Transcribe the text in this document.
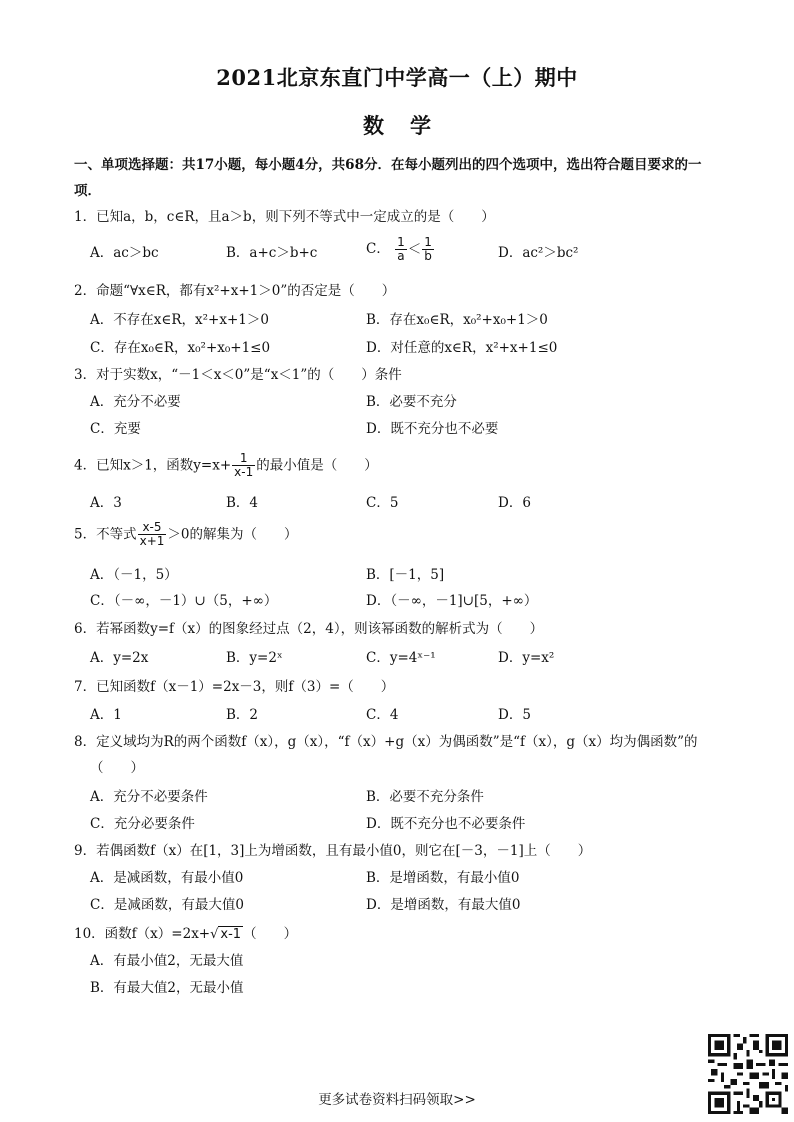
2021北京东直门中学高一（上）期中
数学
一、单项选择题：共17小题，每小题4分，共68分．在每小题列出的四个选项中，选出符合题目要求的一项．
1．已知a，b，c∈R，且a＞b，则下列不等式中一定成立的是（　　）
A．ac＞bc	B．a+c＞b+c	C． $\frac{1}{a} < \frac{1}{b}$	D．ac²＞bc²
2．命题“∀x∈R，都有x²+x+1＞0”的否定是（　　）
A．不存在x∈R，x²+x+1＞0	B．存在x₀∈R，x₀²+x₀+1＞0
C．存在x₀∈R，x₀²+x₀+1≤0	D．对任意的x∈R，x²+x+1≤0
3．对于实数x，“－1＜x＜0”是“x＜1”的（　　）条件
A．充分不必要	B．必要不充分
C．充要	D．既不充分也不必要
4．已知x＞1，函数$y=x+ \frac{1}{x-1}$ 的最小值是（　　）
A．3	B．4	C．5	D．6
5．不等式 $\frac{x-5}{x+1} >0$的解集为（　　）
A．（－1，5）	B．[－1，5]
C．（－∞，－1）∪（5，+∞）	D．（－∞，－1]∪[5，+∞）
6．若幂函数y=f（x）的图象经过点（2，4），则该幂函数的解析式为（　　）
A．y=2x	B．y=2ˣ	C．y=4ˣ⁻¹	D．y=x²
7．已知函数f（x－1）=2x－3，则f（3）=（　　）
A．1	B．2	C．4	D．5
8．定义域均为R的两个函数f（x），g（x），“f（x）+g（x）为偶函数”是“f（x），g（x）均为偶函数”的
（　　）
A．充分不必要条件	B．必要不充分条件
C．充分必要条件	D．既不充分也不必要条件
9．若偶函数f（x）在[1，3]上为增函数，且有最小值0，则它在[－3，－1]上（　　）
A．是减函数，有最小值0	B．是增函数，有最小值0
C．是减函数，有最大值0	D．是增函数，有最大值0
10．函数f（x）=2x+√ x-1 （　　）
A．有最小值2，无最大值
B．有最大值2，无最小值
更多试卷资料扫码领取>>
